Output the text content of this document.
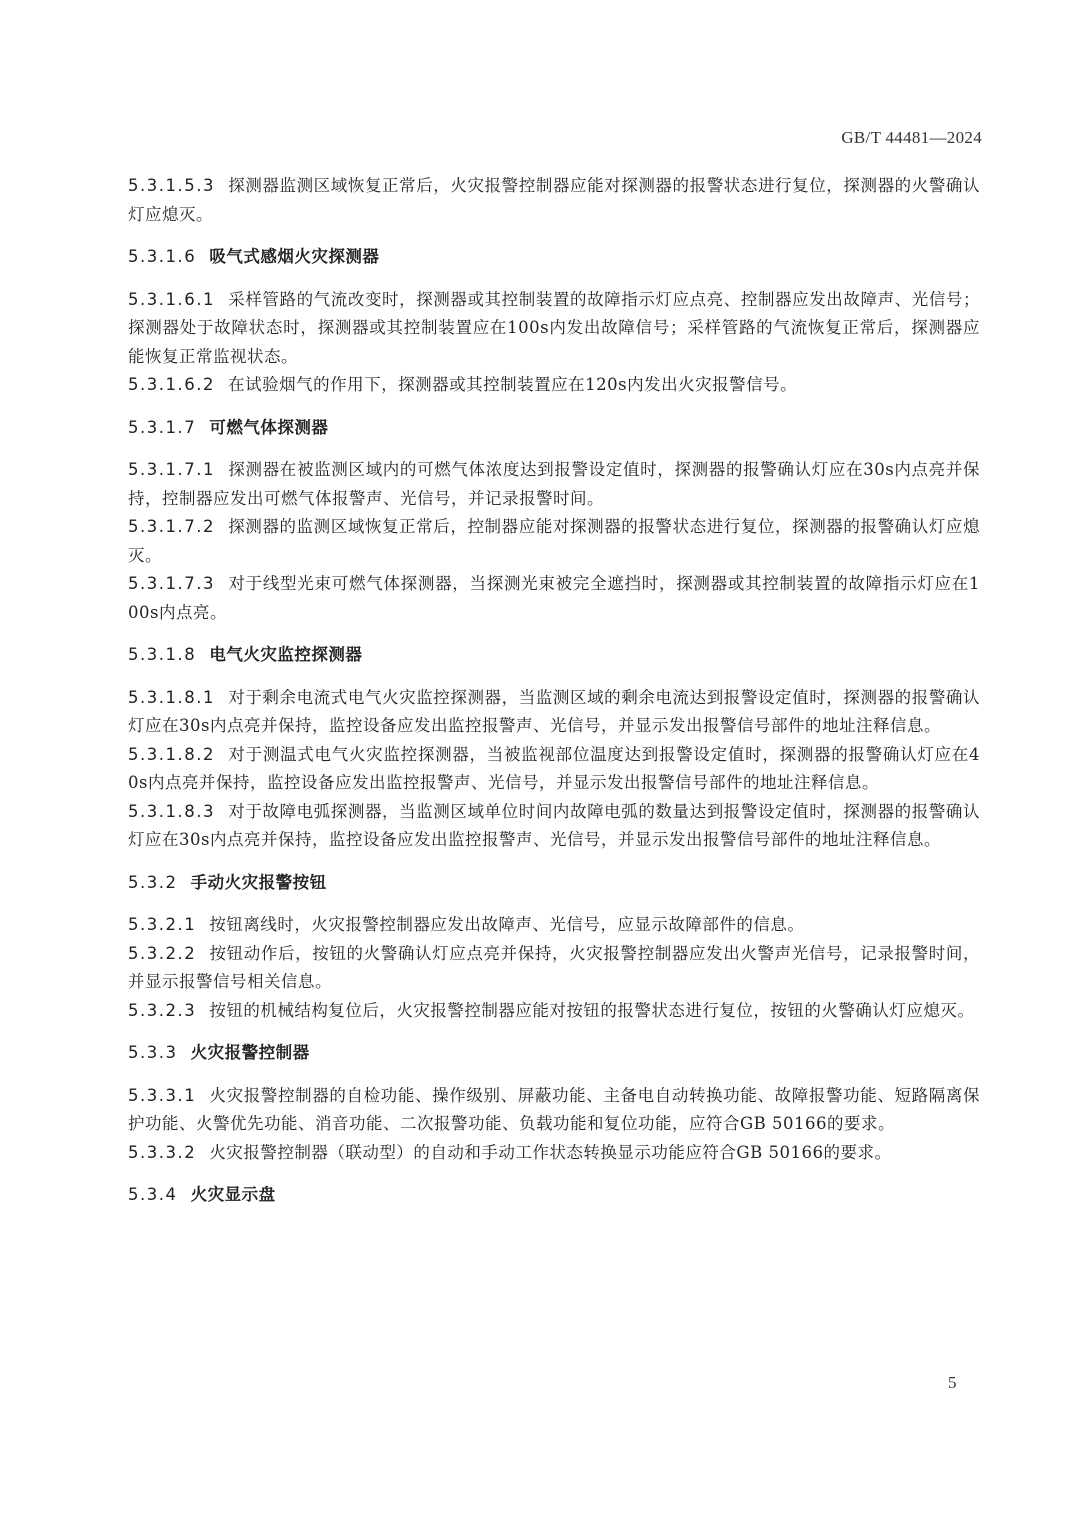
GB/T 44481—2024
5.3.1.5.3 探测器监测区域恢复正常后，火灾报警控制器应能对探测器的报警状态进行复位，探测器的火警确认灯应熄灭。
5.3.1.6 吸气式感烟火灾探测器
5.3.1.6.1 采样管路的气流改变时，探测器或其控制装置的故障指示灯应点亮、控制器应发出故障声、光信号；探测器处于故障状态时，探测器或其控制装置应在100s内发出故障信号；采样管路的气流恢复正常后，探测器应能恢复正常监视状态。
5.3.1.6.2 在试验烟气的作用下，探测器或其控制装置应在120s内发出火灾报警信号。
5.3.1.7 可燃气体探测器
5.3.1.7.1 探测器在被监测区域内的可燃气体浓度达到报警设定值时，探测器的报警确认灯应在30s内点亮并保持，控制器应发出可燃气体报警声、光信号，并记录报警时间。
5.3.1.7.2 探测器的监测区域恢复正常后，控制器应能对探测器的报警状态进行复位，探测器的报警确认灯应熄灭。
5.3.1.7.3 对于线型光束可燃气体探测器，当探测光束被完全遮挡时，探测器或其控制装置的故障指示灯应在100s内点亮。
5.3.1.8 电气火灾监控探测器
5.3.1.8.1 对于剩余电流式电气火灾监控探测器，当监测区域的剩余电流达到报警设定值时，探测器的报警确认灯应在30s内点亮并保持，监控设备应发出监控报警声、光信号，并显示发出报警信号部件的地址注释信息。
5.3.1.8.2 对于测温式电气火灾监控探测器，当被监视部位温度达到报警设定值时，探测器的报警确认灯应在40s内点亮并保持，监控设备应发出监控报警声、光信号，并显示发出报警信号部件的地址注释信息。
5.3.1.8.3 对于故障电弧探测器，当监测区域单位时间内故障电弧的数量达到报警设定值时，探测器的报警确认灯应在30s内点亮并保持，监控设备应发出监控报警声、光信号，并显示发出报警信号部件的地址注释信息。
5.3.2 手动火灾报警按钮
5.3.2.1 按钮离线时，火灾报警控制器应发出故障声、光信号，应显示故障部件的信息。
5.3.2.2 按钮动作后，按钮的火警确认灯应点亮并保持，火灾报警控制器应发出火警声光信号，记录报警时间，并显示报警信号相关信息。
5.3.2.3 按钮的机械结构复位后，火灾报警控制器应能对按钮的报警状态进行复位，按钮的火警确认灯应熄灭。
5.3.3 火灾报警控制器
5.3.3.1 火灾报警控制器的自检功能、操作级别、屏蔽功能、主备电自动转换功能、故障报警功能、短路隔离保护功能、火警优先功能、消音功能、二次报警功能、负载功能和复位功能，应符合GB 50166的要求。
5.3.3.2 火灾报警控制器（联动型）的自动和手动工作状态转换显示功能应符合GB 50166的要求。
5.3.4 火灾显示盘
5
